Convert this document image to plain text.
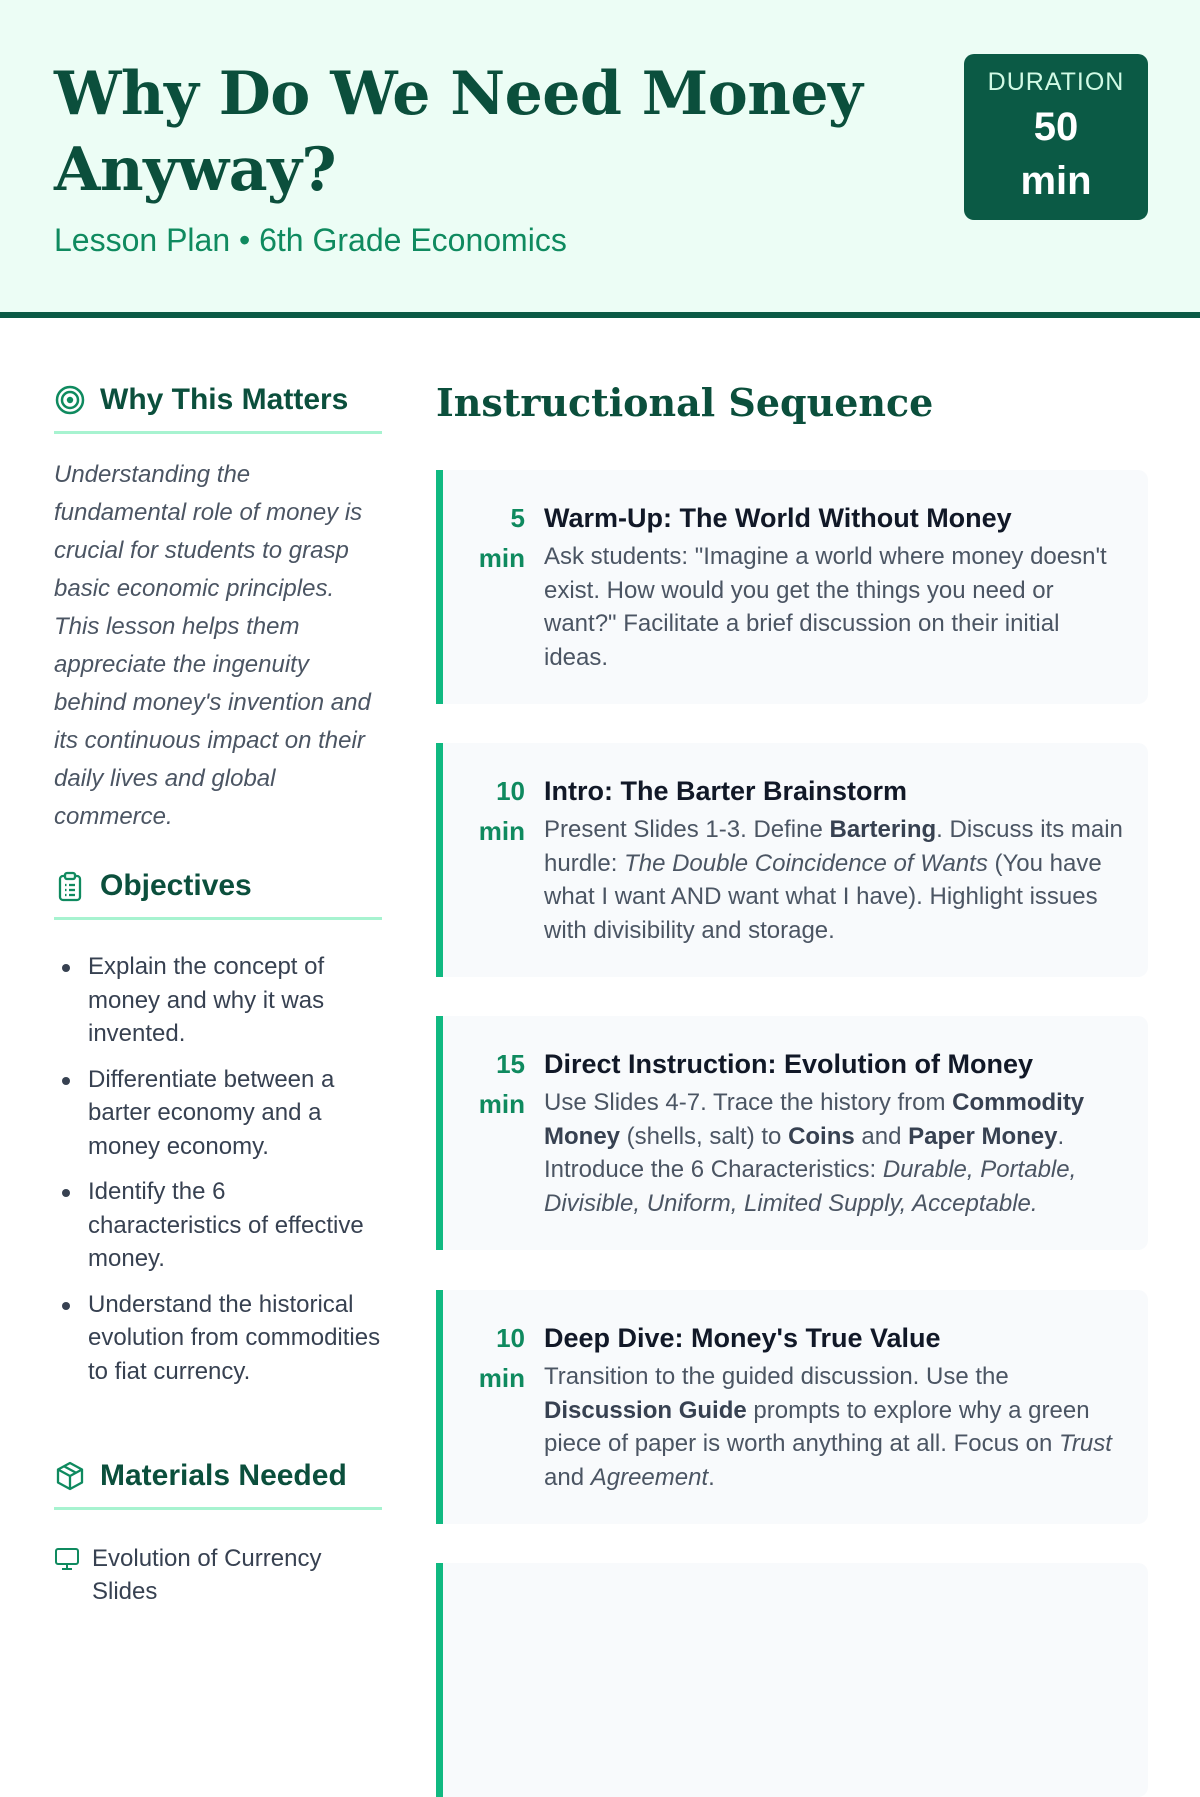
Why Do We Need Money Anyway?
Lesson Plan • 6th Grade Economics
DURATION
50
min
Why This Matters

Understanding the fundamental role of money is crucial for students to grasp basic economic principles. This lesson helps them appreciate the ingenuity behind money's invention and its continuous impact on their daily lives and global commerce.

Objectives
Explain the concept of money and why it was invented.
Differentiate between a barter economy and a money economy.
Identify the 6 characteristics of effective money.
Understand the historical evolution from commodities to fiat currency.
Materials Needed
Evolution of Currency Slides
Instructional Sequence
5
min
Warm-Up: The World Without Money
Ask students: "Imagine a world where money doesn't exist. How would you get the things you need or want?" Facilitate a brief discussion on their initial ideas.
10
min
Intro: The Barter Brainstorm
Present Slides 1-3. Define Bartering. Discuss its main hurdle: The Double Coincidence of Wants (You have what I want AND want what I have). Highlight issues with divisibility and storage.
15
min
Direct Instruction: Evolution of Money
Use Slides 4-7. Trace the history from Commodity Money (shells, salt) to Coins and Paper Money. Introduce the 6 Characteristics: Durable, Portable, Divisible, Uniform, Limited Supply, Acceptable.
10
min
Deep Dive: Money's True Value
Transition to the guided discussion. Use the Discussion Guide prompts to explore why a green piece of paper is worth anything at all. Focus on Trust and Agreement.
